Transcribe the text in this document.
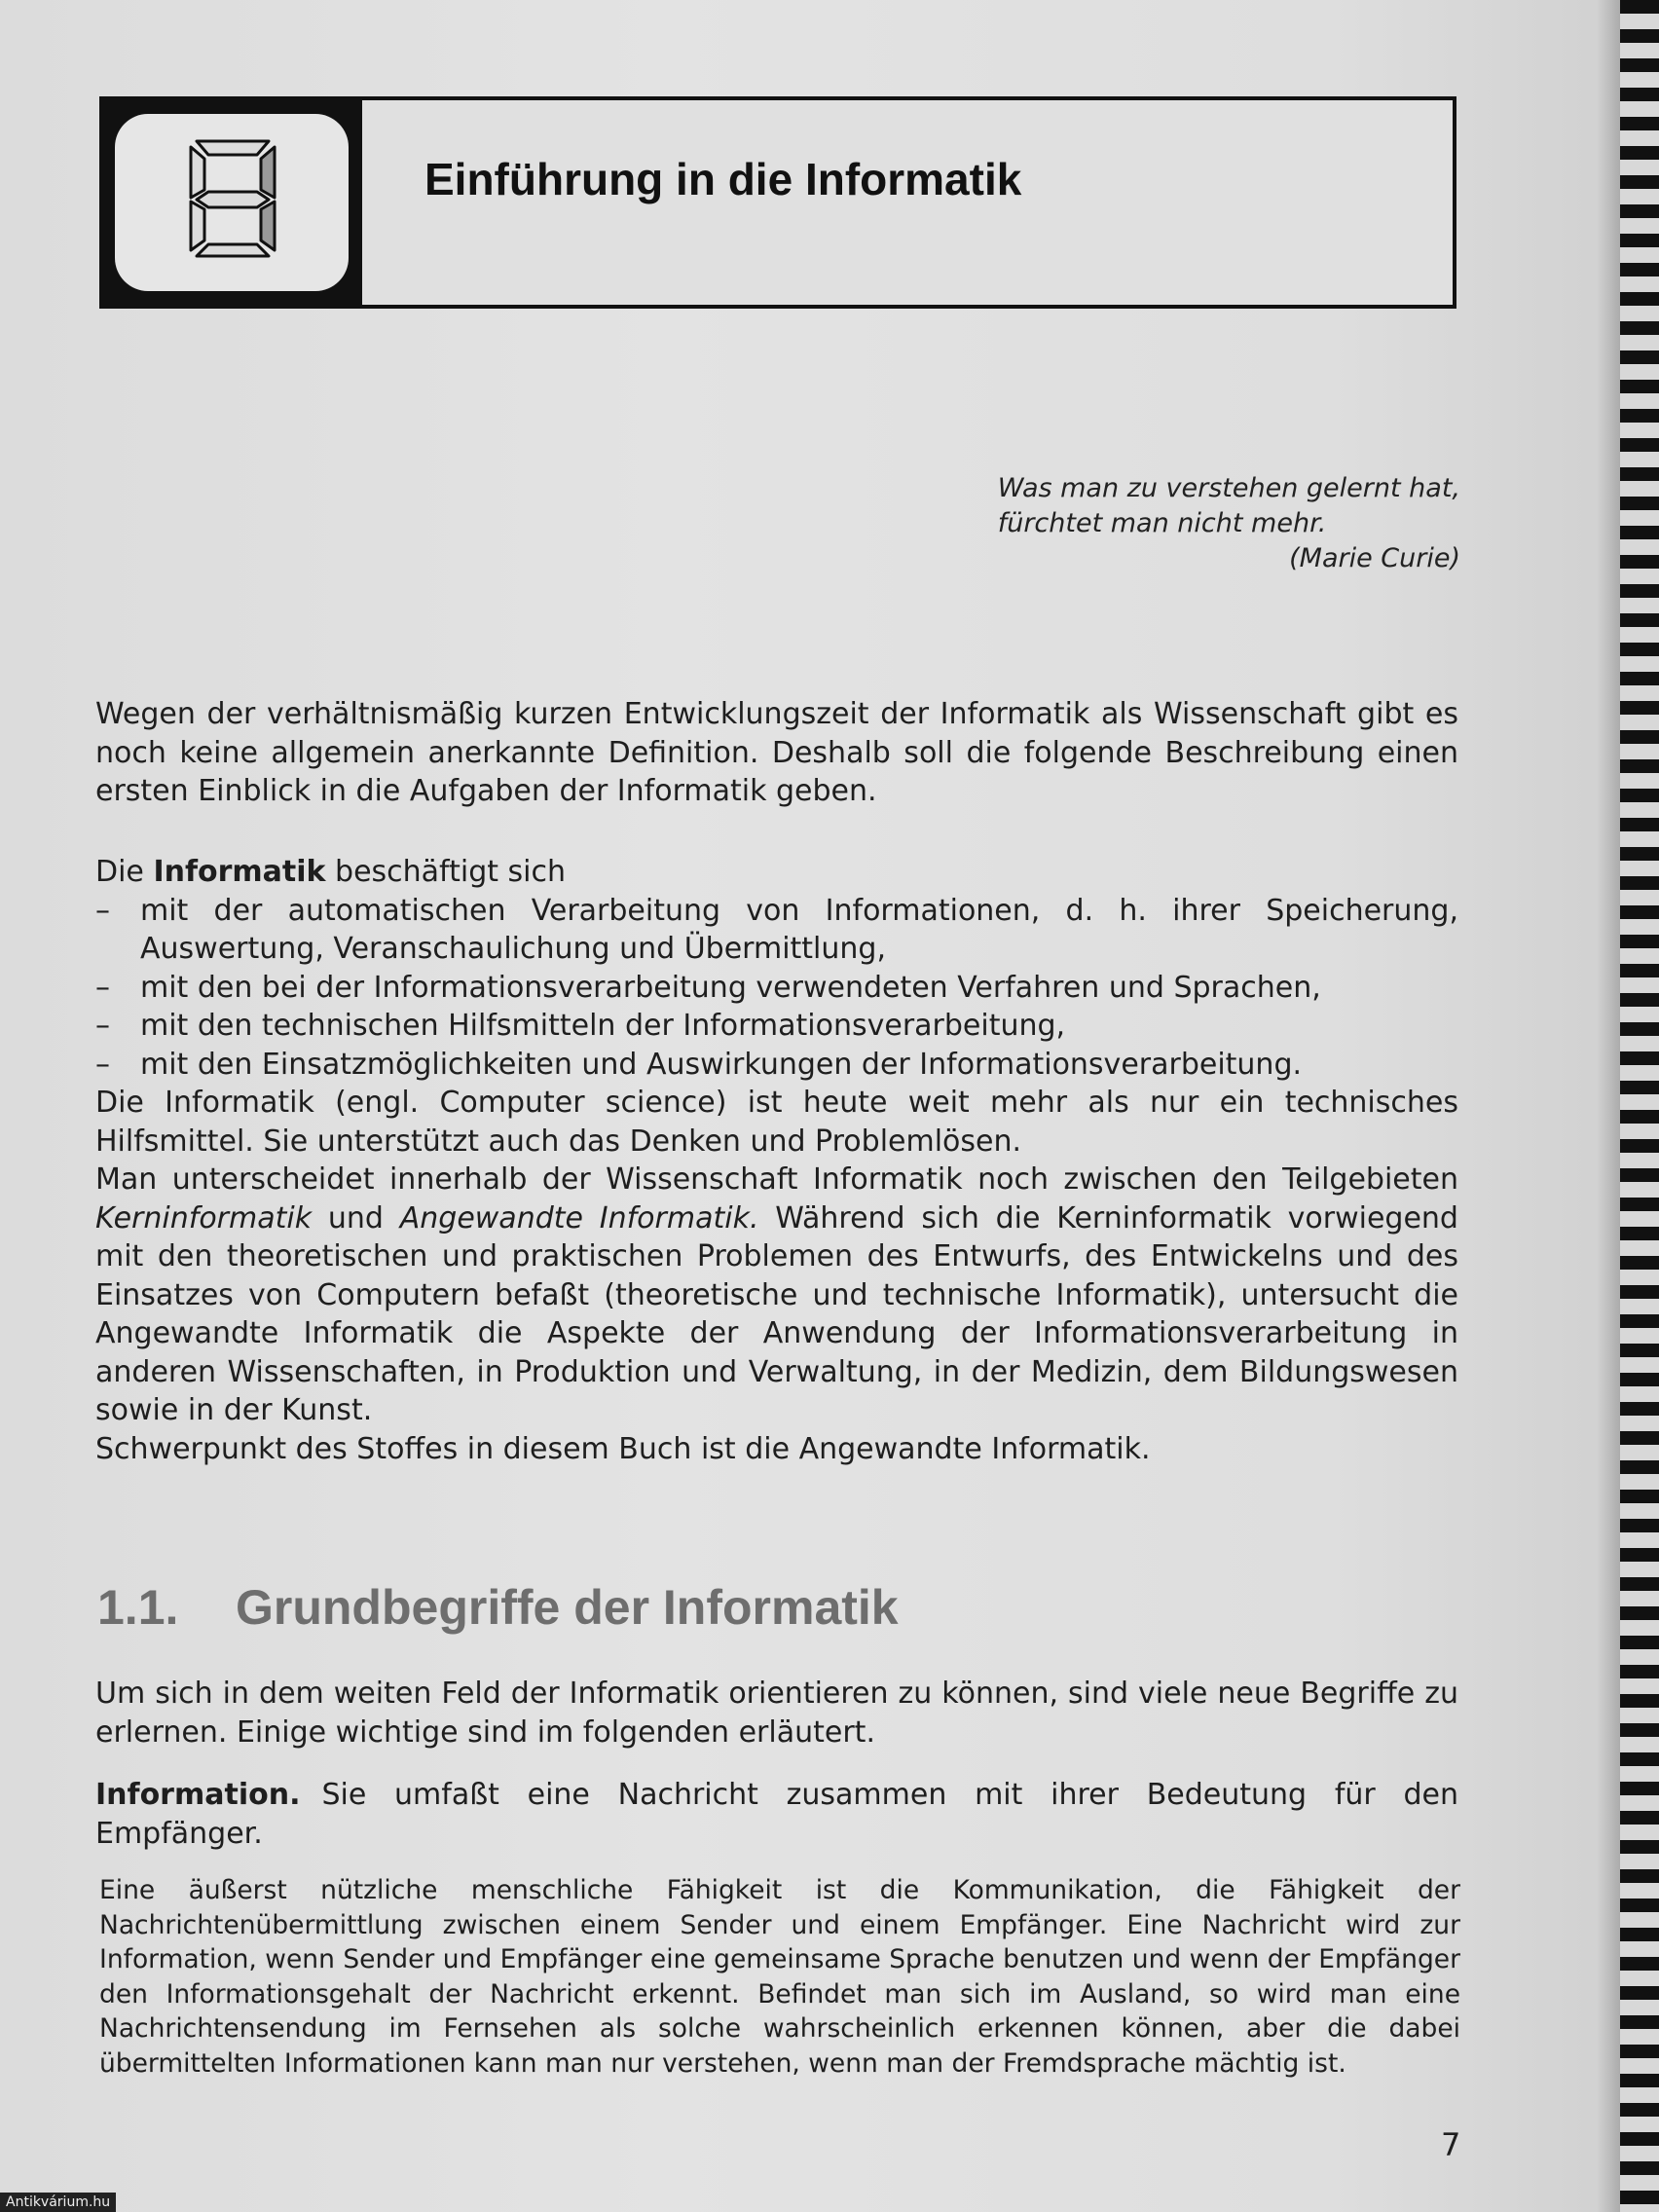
Einführung in die Informatik
Was man zu verstehen gelernt hat,
fürchtet man nicht mehr.
(Marie Curie)

Wegen der verhältnismäßig kurzen Entwicklungszeit der Informatik als Wissenschaft gibt es noch keine allgemein anerkannte Definition. Deshalb soll die folgende Beschreibung einen ersten Einblick in die Aufgaben der Informatik geben.

Die Informatik beschäftigt sich

– mit der automatischen Verarbeitung von Informationen, d. h. ihrer Speicherung, Auswertung, Veranschaulichung und Übermittlung,
– mit den bei der Informationsverarbeitung verwendeten Verfahren und Sprachen,
– mit den technischen Hilfsmitteln der Informationsverarbeitung,
– mit den Einsatzmöglichkeiten und Auswirkungen der Informationsverarbeitung.

Die Informatik (engl. Computer science) ist heute weit mehr als nur ein technisches Hilfsmittel. Sie unterstützt auch das Denken und Problemlösen.

Man unterscheidet innerhalb der Wissenschaft Informatik noch zwischen den Teilgebieten Kerninformatik und Angewandte Informatik. Während sich die Kerninformatik vorwiegend mit den theoretischen und praktischen Problemen des Entwurfs, des Entwickelns und des Einsatzes von Computern befaßt (theoretische und technische Informatik), untersucht die Angewandte Informatik die Aspekte der Anwendung der Informationsverarbeitung in anderen Wissenschaften, in Produktion und Verwaltung, in der Medizin, dem Bildungswesen sowie in der Kunst.

Schwerpunkt des Stoffes in diesem Buch ist die Angewandte Informatik.

1.1. Grundbegriffe der Informatik

Um sich in dem weiten Feld der Informatik orientieren zu können, sind viele neue Begriffe zu erlernen. Einige wichtige sind im folgenden erläutert.

Information. Sie umfaßt eine Nachricht zusammen mit ihrer Bedeutung für den Empfänger.

Eine äußerst nützliche menschliche Fähigkeit ist die Kommunikation, die Fähigkeit der Nachrichtenübermittlung zwischen einem Sender und einem Empfänger. Eine Nachricht wird zur Information, wenn Sender und Empfänger eine gemeinsame Sprache benutzen und wenn der Empfänger den Informationsgehalt der Nachricht erkennt. Befindet man sich im Ausland, so wird man eine Nachrichtensendung im Fernsehen als solche wahrscheinlich erkennen können, aber die dabei übermittelten Informationen kann man nur verstehen, wenn man der Fremdsprache mächtig ist.

7
Antikvárium.hu
